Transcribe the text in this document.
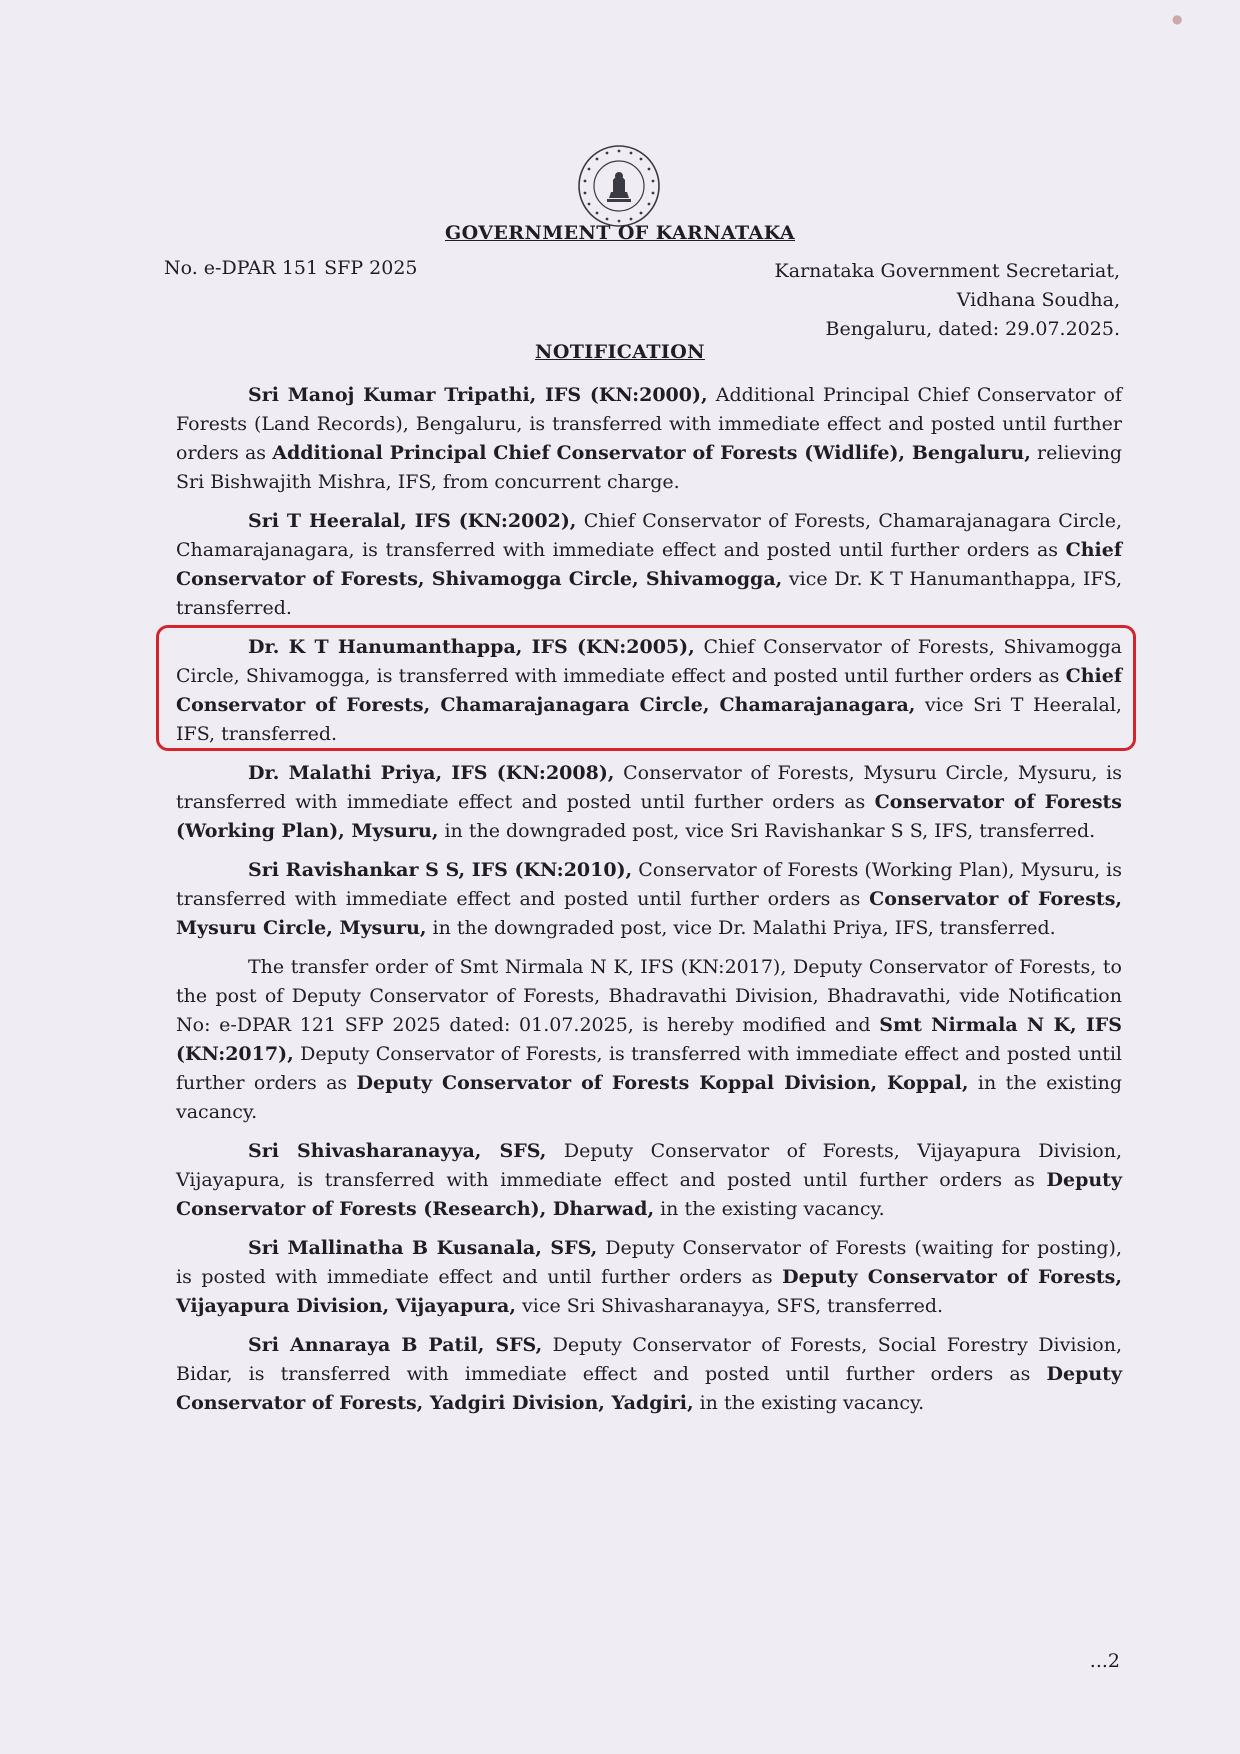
●
GOVERNMENT OF KARNATAKA
No. e-DPAR 151 SFP 2025	Karnataka Government Secretariat,
Vidhana Soudha,
Bengaluru, dated: 29.07.2025.
NOTIFICATION

Sri Manoj Kumar Tripathi, IFS (KN:2000), Additional Principal Chief Conservator of Forests (Land Records), Bengaluru, is transferred with immediate effect and posted until further orders as Additional Principal Chief Conservator of Forests (Widlife), Bengaluru, relieving Sri Bishwajith Mishra, IFS, from concurrent charge.

Sri T Heeralal, IFS (KN:2002), Chief Conservator of Forests, Chamarajanagara Circle, Chamarajanagara, is transferred with immediate effect and posted until further orders as Chief Conservator of Forests, Shivamogga Circle, Shivamogga, vice Dr. K T Hanumanthappa, IFS, transferred.

Dr. K T Hanumanthappa, IFS (KN:2005), Chief Conservator of Forests, Shivamogga Circle, Shivamogga, is transferred with immediate effect and posted until further orders as Chief Conservator of Forests, Chamarajanagara Circle, Chamarajanagara, vice Sri T Heeralal, IFS, transferred.

Dr. Malathi Priya, IFS (KN:2008), Conservator of Forests, Mysuru Circle, Mysuru, is transferred with immediate effect and posted until further orders as Conservator of Forests (Working Plan), Mysuru, in the downgraded post, vice Sri Ravishankar S S, IFS, transferred.

Sri Ravishankar S S, IFS (KN:2010), Conservator of Forests (Working Plan), Mysuru, is transferred with immediate effect and posted until further orders as Conservator of Forests, Mysuru Circle, Mysuru, in the downgraded post, vice Dr. Malathi Priya, IFS, transferred.

The transfer order of Smt Nirmala N K, IFS (KN:2017), Deputy Conservator of Forests, to the post of Deputy Conservator of Forests, Bhadravathi Division, Bhadravathi, vide Notification No: e-DPAR 121 SFP 2025 dated: 01.07.2025, is hereby modified and Smt Nirmala N K, IFS (KN:2017), Deputy Conservator of Forests, is transferred with immediate effect and posted until further orders as Deputy Conservator of Forests Koppal Division, Koppal, in the existing vacancy.

Sri Shivasharanayya, SFS, Deputy Conservator of Forests, Vijayapura Division, Vijayapura, is transferred with immediate effect and posted until further orders as Deputy Conservator of Forests (Research), Dharwad, in the existing vacancy.

Sri Mallinatha B Kusanala, SFS, Deputy Conservator of Forests (waiting for posting), is posted with immediate effect and until further orders as Deputy Conservator of Forests, Vijayapura Division, Vijayapura, vice Sri Shivasharanayya, SFS, transferred.

Sri Annaraya B Patil, SFS, Deputy Conservator of Forests, Social Forestry Division, Bidar, is transferred with immediate effect and posted until further orders as Deputy Conservator of Forests, Yadgiri Division, Yadgiri, in the existing vacancy.

...2
